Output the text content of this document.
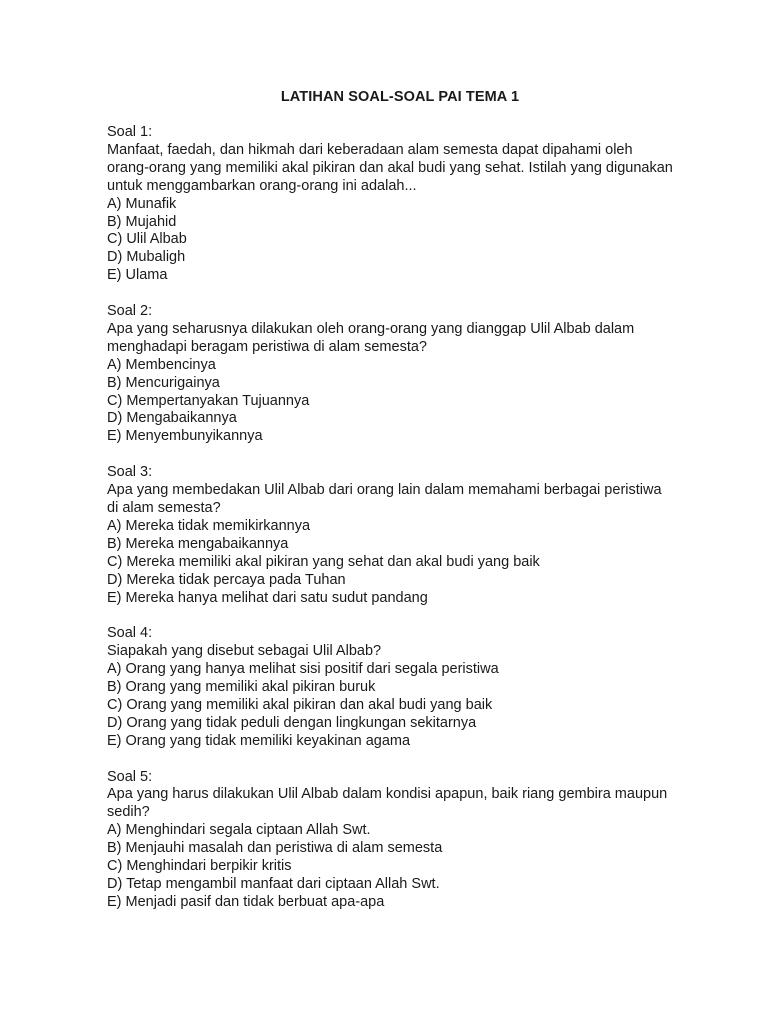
LATIHAN SOAL-SOAL PAI TEMA 1
Soal 1:
Manfaat, faedah, dan hikmah dari keberadaan alam semesta dapat dipahami oleh
orang-orang yang memiliki akal pikiran dan akal budi yang sehat. Istilah yang digunakan
untuk menggambarkan orang-orang ini adalah...
A) Munafik
B) Mujahid
C) Ulil Albab
D) Mubaligh
E) Ulama
Soal 2:
Apa yang seharusnya dilakukan oleh orang-orang yang dianggap Ulil Albab dalam
menghadapi beragam peristiwa di alam semesta?
A) Membencinya
B) Mencurigainya
C) Mempertanyakan Tujuannya
D) Mengabaikannya
E) Menyembunyikannya
Soal 3:
Apa yang membedakan Ulil Albab dari orang lain dalam memahami berbagai peristiwa
di alam semesta?
A) Mereka tidak memikirkannya
B) Mereka mengabaikannya
C) Mereka memiliki akal pikiran yang sehat dan akal budi yang baik
D) Mereka tidak percaya pada Tuhan
E) Mereka hanya melihat dari satu sudut pandang
Soal 4:
Siapakah yang disebut sebagai Ulil Albab?
A) Orang yang hanya melihat sisi positif dari segala peristiwa
B) Orang yang memiliki akal pikiran buruk
C) Orang yang memiliki akal pikiran dan akal budi yang baik
D) Orang yang tidak peduli dengan lingkungan sekitarnya
E) Orang yang tidak memiliki keyakinan agama
Soal 5:
Apa yang harus dilakukan Ulil Albab dalam kondisi apapun, baik riang gembira maupun
sedih?
A) Menghindari segala ciptaan Allah Swt.
B) Menjauhi masalah dan peristiwa di alam semesta
C) Menghindari berpikir kritis
D) Tetap mengambil manfaat dari ciptaan Allah Swt.
E) Menjadi pasif dan tidak berbuat apa-apa
